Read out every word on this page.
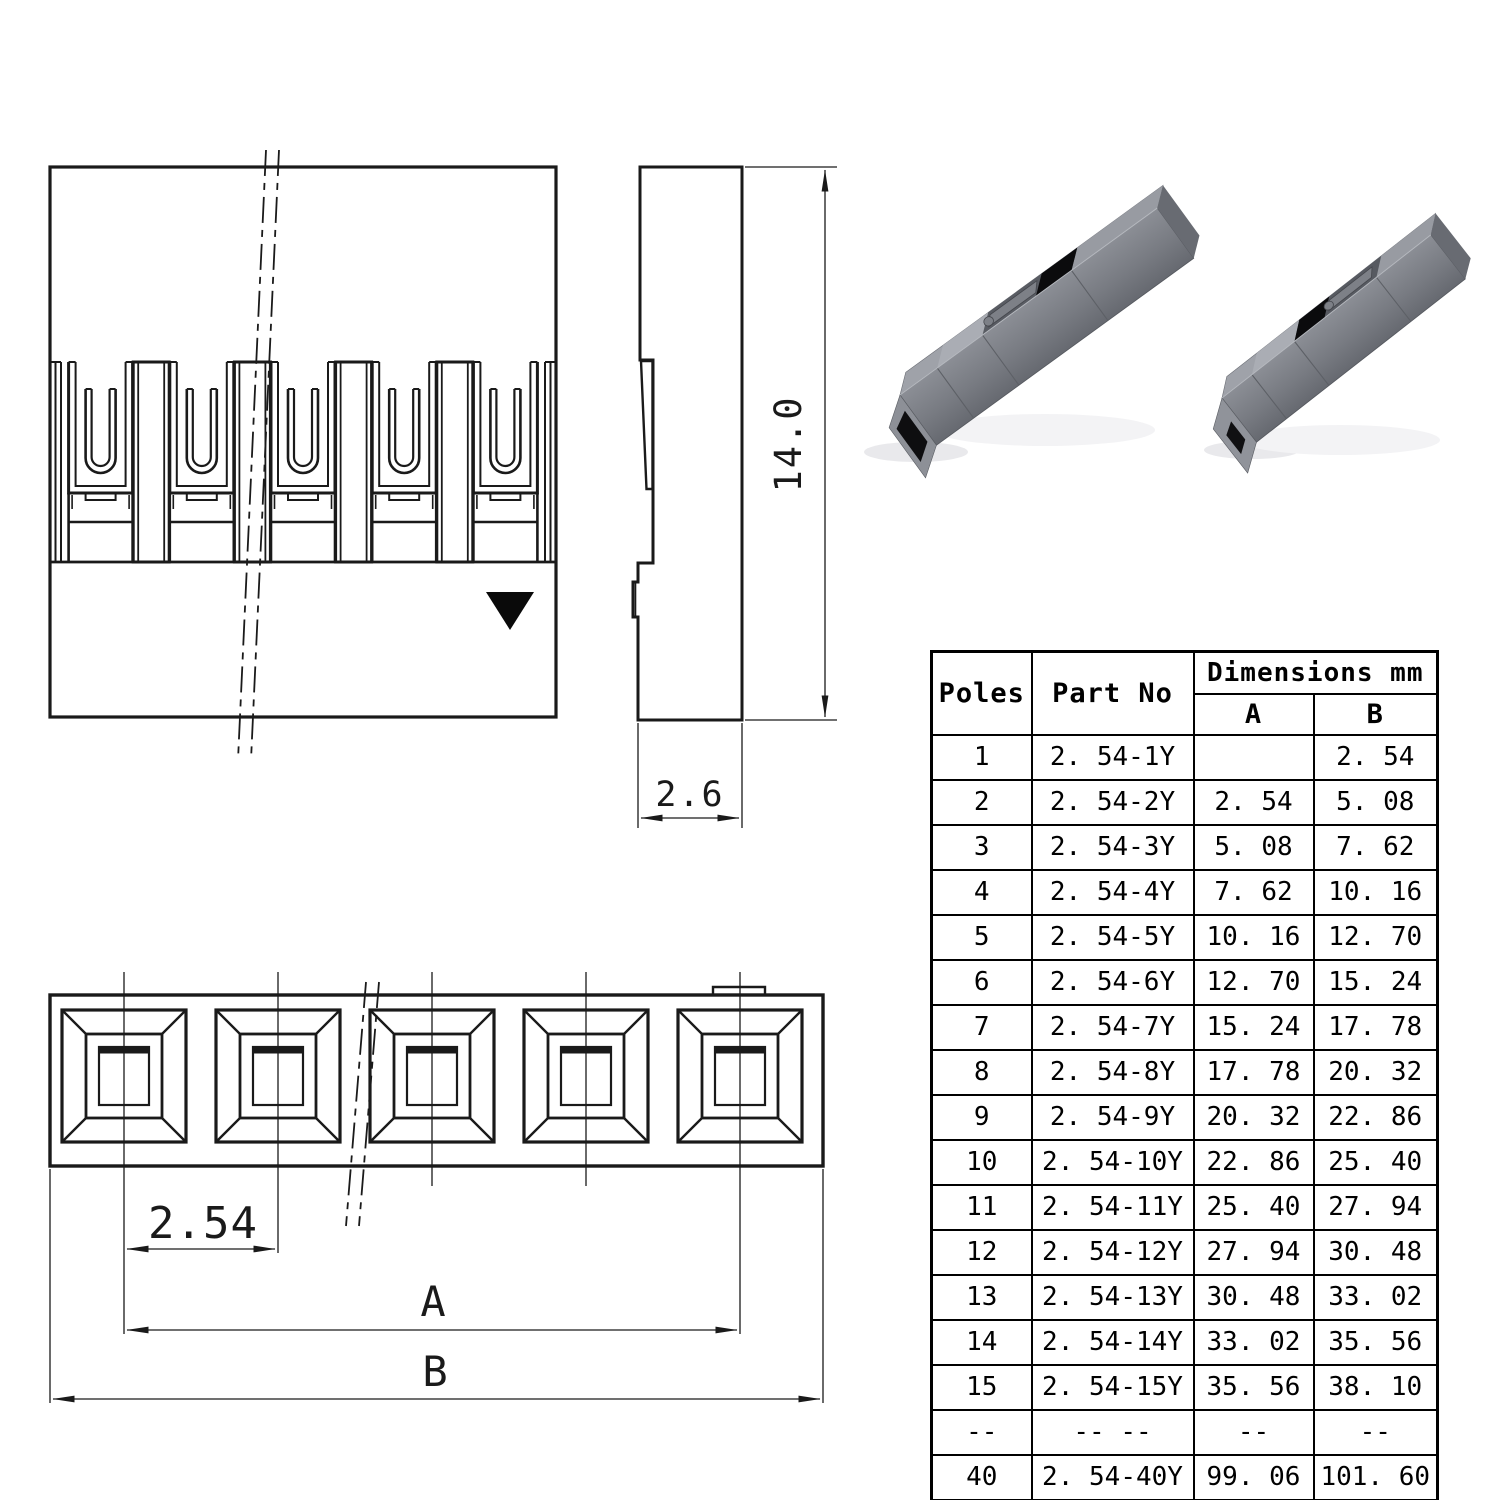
14.0
2.6
2.54
A
B
Poles	Part No	Dimensions mm	
		A	B
1	2. 54-1Y		2. 54
2	2. 54-2Y	2. 54	5. 08
3	2. 54-3Y	5. 08	7. 62
4	2. 54-4Y	7. 62	10. 16
5	2. 54-5Y	10. 16	12. 70
6	2. 54-6Y	12. 70	15. 24
7	2. 54-7Y	15. 24	17. 78
8	2. 54-8Y	17. 78	20. 32
9	2. 54-9Y	20. 32	22. 86
10	2. 54-10Y	22. 86	25. 40
11	2. 54-11Y	25. 40	27. 94
12	2. 54-12Y	27. 94	30. 48
13	2. 54-13Y	30. 48	33. 02
14	2. 54-14Y	33. 02	35. 56
15	2. 54-15Y	35. 56	38. 10
--	-- --	--	--
40	2. 54-40Y	99. 06	101. 60
